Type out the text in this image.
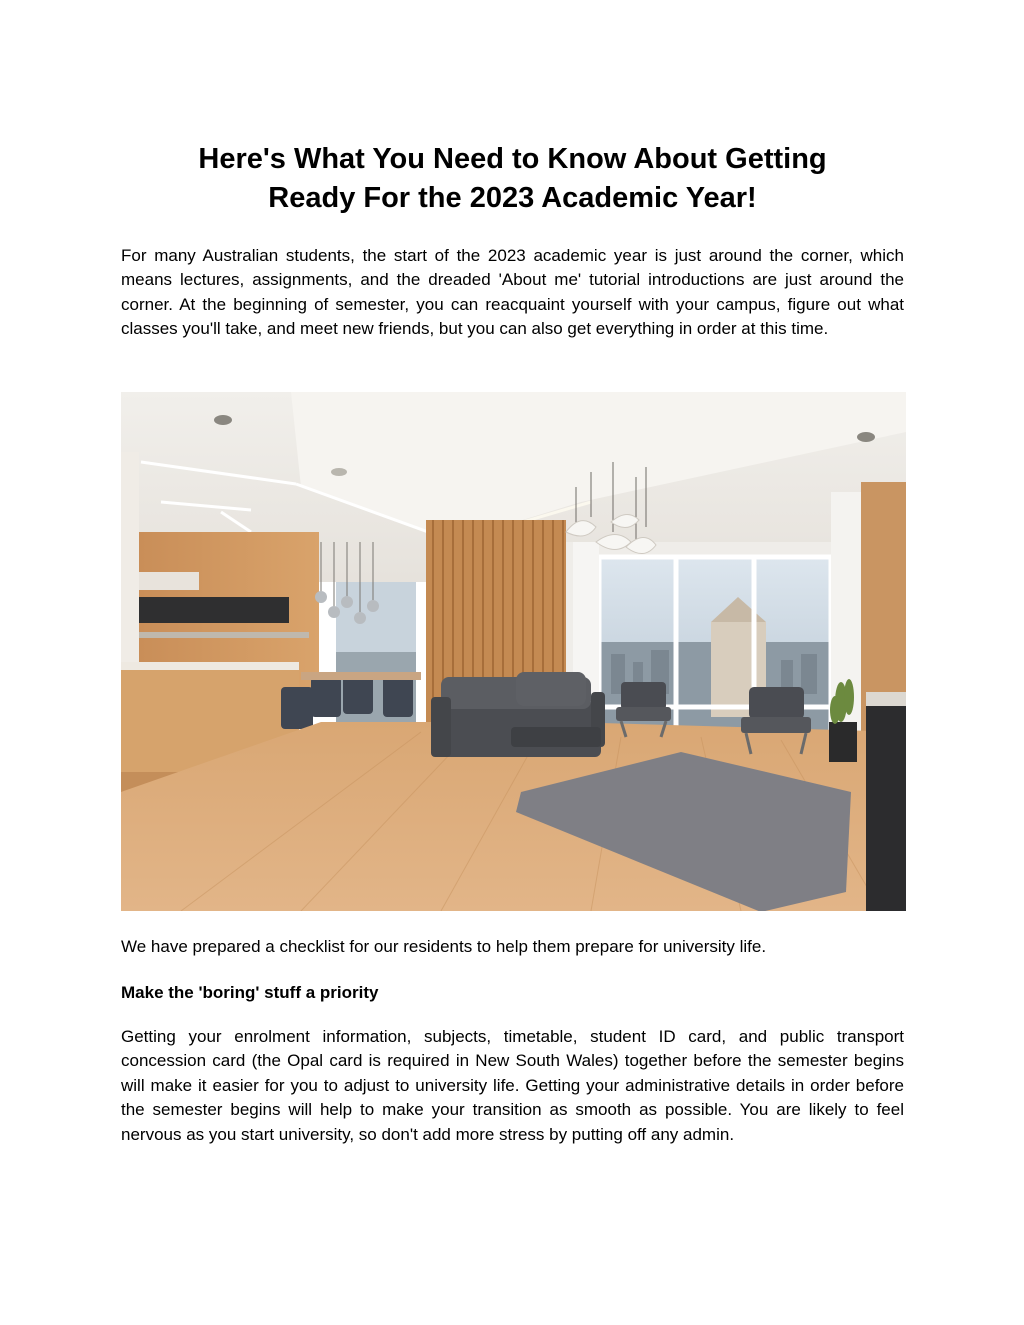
Here's What You Need to Know About Getting
Ready For the 2023 Academic Year!

For many Australian students, the start of the 2023 academic year is just around the corner, which means lectures, assignments, and the dreaded 'About me' tutorial introductions are just around the corner. At the beginning of semester, you can reacquaint yourself with your campus, figure out what classes you'll take, and meet new friends, but you can also get everything in order at this time.

We have prepared a checklist for our residents to help them prepare for university life.

Make the 'boring' stuff a priority

Getting your enrolment information, subjects, timetable, student ID card, and public transport concession card (the Opal card is required in New South Wales) together before the semester begins will make it easier for you to adjust to university life. Getting your administrative details in order before the semester begins will help to make your transition as smooth as possible. You are likely to feel nervous as you start university, so don't add more stress by putting off any admin.
